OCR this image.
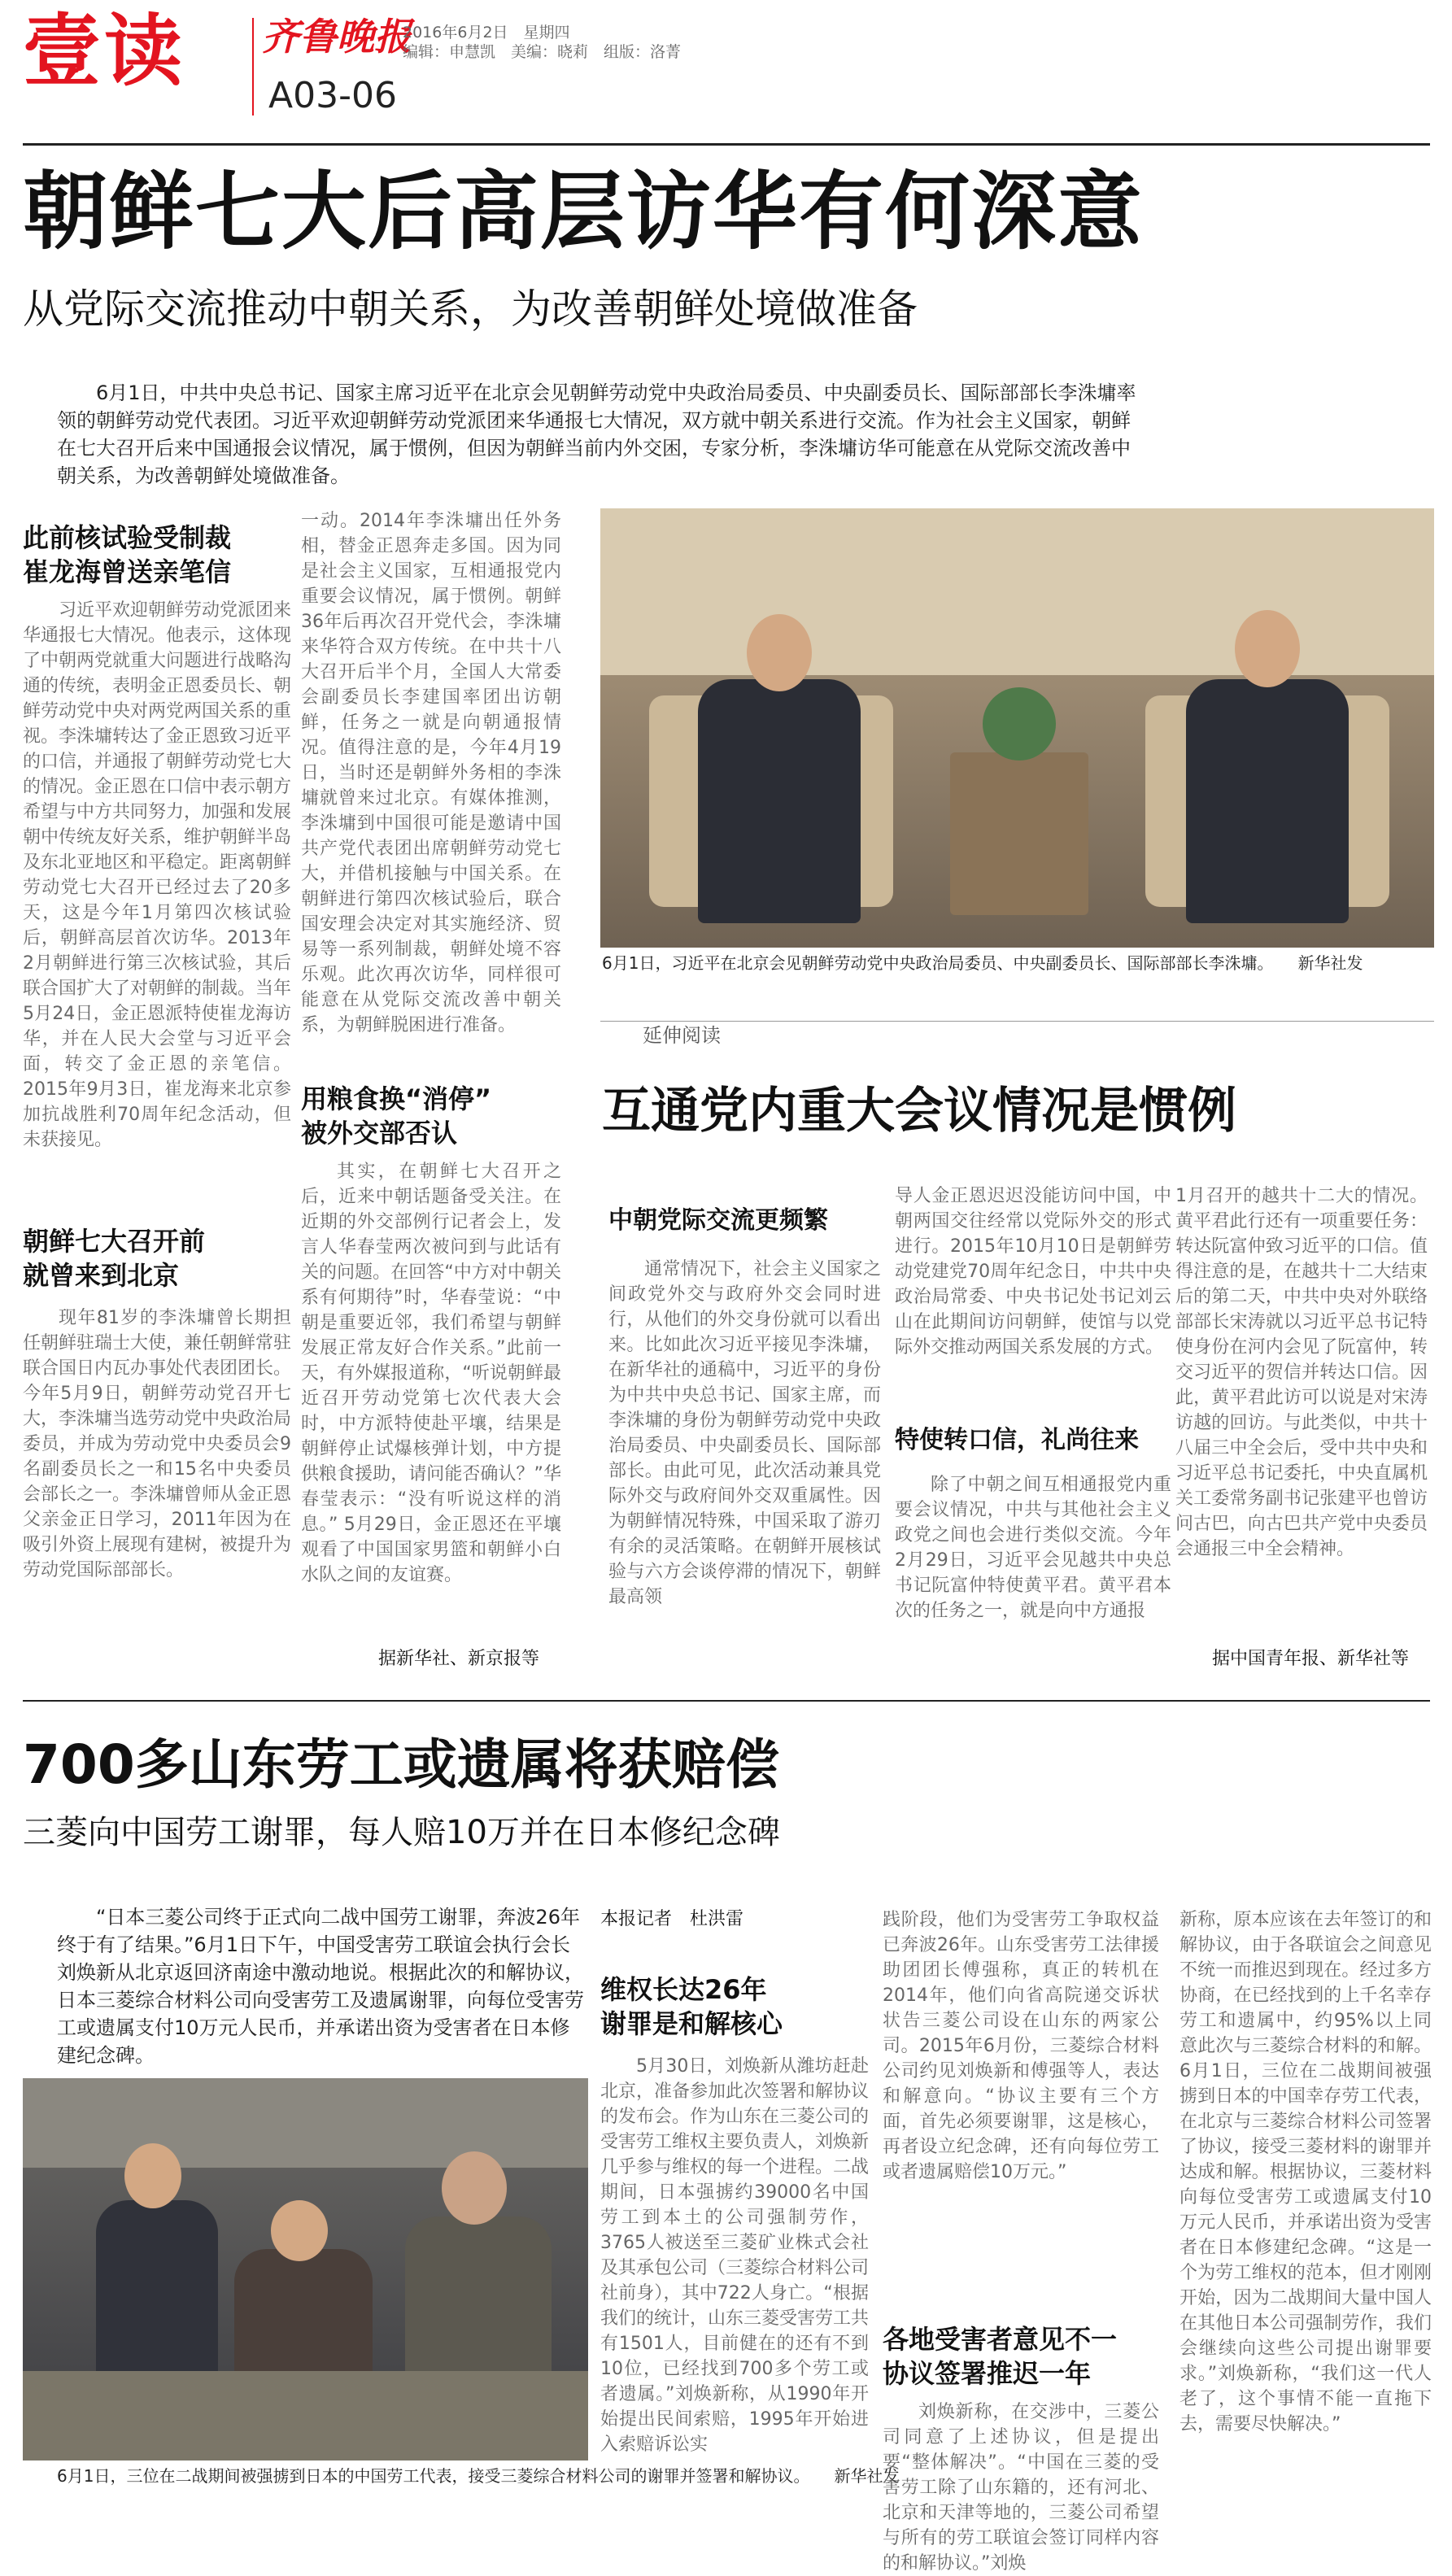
壹读 齐鲁晚报
A03-06
2016年6月2日　星期四
编辑：申慧凯　美编：晓莉　组版：洛菁
朝鲜七大后高层访华有何深意
从党际交流推动中朝关系，为改善朝鲜处境做准备
6月1日，中共中央总书记、国家主席习近平在北京会见朝鲜劳动党中央政治局委员、中央副委员长、国际部部长李洙墉率领的朝鲜劳动党代表团。习近平欢迎朝鲜劳动党派团来华通报七大情况，双方就中朝关系进行交流。作为社会主义国家，朝鲜在七大召开后来中国通报会议情况，属于惯例，但因为朝鲜当前内外交困，专家分析，李洙墉访华可能意在从党际交流改善中朝关系，为改善朝鲜处境做准备。
此前核试验受制裁
崔龙海曾送亲笔信
习近平欢迎朝鲜劳动党派团来华通报七大情况。他表示，这体现了中朝两党就重大问题进行战略沟通的传统，表明金正恩委员长、朝鲜劳动党中央对两党两国关系的重视。李洙墉转达了金正恩致习近平的口信，并通报了朝鲜劳动党七大的情况。金正恩在口信中表示朝方希望与中方共同努力，加强和发展朝中传统友好关系，维护朝鲜半岛及东北亚地区和平稳定。距离朝鲜劳动党七大召开已经过去了20多天，这是今年1月第四次核试验后，朝鲜高层首次访华。2013年2月朝鲜进行第三次核试验，其后联合国扩大了对朝鲜的制裁。当年5月24日，金正恩派特使崔龙海访华，并在人民大会堂与习近平会面，转交了金正恩的亲笔信。2015年9月3日，崔龙海来北京参加抗战胜利70周年纪念活动，但未获接见。
朝鲜七大召开前
就曾来到北京
现年81岁的李洙墉曾长期担任朝鲜驻瑞士大使，兼任朝鲜常驻联合国日内瓦办事处代表团团长。今年5月9日，朝鲜劳动党召开七大，李洙墉当选劳动党中央政治局委员，并成为劳动党中央委员会9名副委员长之一和15名中央委员会部长之一。李洙墉曾师从金正恩父亲金正日学习，2011年因为在吸引外资上展现有建树，被提升为劳动党国际部部长。
一动。2014年李洙墉出任外务相，替金正恩奔走多国。因为同是社会主义国家，互相通报党内重要会议情况，属于惯例。朝鲜36年后再次召开党代会，李洙墉来华符合双方传统。在中共十八大召开后半个月，全国人大常委会副委员长李建国率团出访朝鲜，任务之一就是向朝通报情况。值得注意的是，今年4月19日，当时还是朝鲜外务相的李洙墉就曾来过北京。有媒体推测，李洙墉到中国很可能是邀请中国共产党代表团出席朝鲜劳动党七大，并借机接触与中国关系。在朝鲜进行第四次核试验后，联合国安理会决定对其实施经济、贸易等一系列制裁，朝鲜处境不容乐观。此次再次访华，同样很可能意在从党际交流改善中朝关系，为朝鲜脱困进行准备。
用粮食换“消停”
被外交部否认
其实，在朝鲜七大召开之后，近来中朝话题备受关注。在近期的外交部例行记者会上，发言人华春莹两次被问到与此话有关的问题。在回答“中方对中朝关系有何期待”时，华春莹说：“中朝是重要近邻，我们希望与朝鲜发展正常友好合作关系。”此前一天，有外媒报道称，“听说朝鲜最近召开劳动党第七次代表大会时，中方派特使赴平壤，结果是朝鲜停止试爆核弹计划，中方提供粮食援助，请问能否确认？”华春莹表示：“没有听说这样的消息。” 5月29日，金正恩还在平壤观看了中国国家男篮和朝鲜小白水队之间的友谊赛。
据新华社、新京报等
6月1日，习近平在北京会见朝鲜劳动党中央政治局委员、中央副委员长、国际部部长李洙墉。　　新华社发
延伸阅读
互通党内重大会议情况是惯例
中朝党际交流更频繁
通常情况下，社会主义国家之间政党外交与政府外交会同时进行，从他们的外交身份就可以看出来。比如此次习近平接见李洙墉，在新华社的通稿中，习近平的身份为中共中央总书记、国家主席，而李洙墉的身份为朝鲜劳动党中央政治局委员、中央副委员长、国际部部长。由此可见，此次活动兼具党际外交与政府间外交双重属性。因为朝鲜情况特殊，中国采取了游刃有余的灵活策略。在朝鲜开展核试验与六方会谈停滞的情况下，朝鲜最高领
导人金正恩迟迟没能访问中国，中朝两国交往经常以党际外交的形式进行。2015年10月10日是朝鲜劳动党建党70周年纪念日，中共中央政治局常委、中央书记处书记刘云山在此期间访问朝鲜，使馆与以党际外交推动两国关系发展的方式。
特使转口信，礼尚往来
除了中朝之间互相通报党内重要会议情况，中共与其他社会主义政党之间也会进行类似交流。今年2月29日，习近平会见越共中央总书记阮富仲特使黄平君。黄平君本次的任务之一，就是向中方通报
1月召开的越共十二大的情况。黄平君此行还有一项重要任务：转达阮富仲致习近平的口信。值得注意的是，在越共十二大结束后的第二天，中共中央对外联络部部长宋涛就以习近平总书记特使身份在河内会见了阮富仲，转交习近平的贺信并转达口信。因此，黄平君此访可以说是对宋涛访越的回访。与此类似，中共十八届三中全会后，受中共中央和习近平总书记委托，中央直属机关工委常务副书记张建平也曾访问古巴，向古巴共产党中央委员会通报三中全会精神。
据中国青年报、新华社等
700多山东劳工或遗属将获赔偿
三菱向中国劳工谢罪，每人赔10万并在日本修纪念碑
“日本三菱公司终于正式向二战中国劳工谢罪，奔波26年终于有了结果。”6月1日下午，中国受害劳工联谊会执行会长刘焕新从北京返回济南途中激动地说。根据此次的和解协议，日本三菱综合材料公司向受害劳工及遗属谢罪，向每位受害劳工或遗属支付10万元人民币，并承诺出资为受害者在日本修建纪念碑。
6月1日，三位在二战期间被强掳到日本的中国劳工代表，接受三菱综合材料公司的谢罪并签署和解协议。　　新华社发
本报记者　杜洪雷
维权长达26年
谢罪是和解核心
5月30日，刘焕新从潍坊赶赴北京，准备参加此次签署和解协议的发布会。作为山东在三菱公司的受害劳工维权主要负责人，刘焕新几乎参与维权的每一个进程。二战期间，日本强掳约39000名中国劳工到本土的公司强制劳作，3765人被送至三菱矿业株式会社及其承包公司（三菱综合材料公司社前身），其中722人身亡。“根据我们的统计，山东三菱受害劳工共有1501人，目前健在的还有不到10位，已经找到700多个劳工或者遗属。”刘焕新称，从1990年开始提出民间索赔，1995年开始进入索赔诉讼实
践阶段，他们为受害劳工争取权益已奔波26年。山东受害劳工法律援助团团长傅强称，真正的转机在2014年，他们向省高院递交诉状状告三菱公司设在山东的两家公司。2015年6月份，三菱综合材料公司约见刘焕新和傅强等人，表达和解意向。“协议主要有三个方面，首先必须要谢罪，这是核心，再者设立纪念碑，还有向每位劳工或者遗属赔偿10万元。”
各地受害者意见不一
协议签署推迟一年
刘焕新称，在交涉中，三菱公司同意了上述协议，但是提出要“整体解决”。“中国在三菱的受害劳工除了山东籍的，还有河北、北京和天津等地的，三菱公司希望与所有的劳工联谊会签订同样内容的和解协议。”刘焕
新称，原本应该在去年签订的和解协议，由于各联谊会之间意见不统一而推迟到现在。经过多方协商，在已经找到的上千名幸存劳工和遗属中，约95%以上同意此次与三菱综合材料的和解。6月1日，三位在二战期间被强掳到日本的中国幸存劳工代表，在北京与三菱综合材料公司签署了协议，接受三菱材料的谢罪并达成和解。根据协议，三菱材料向每位受害劳工或遗属支付10万元人民币，并承诺出资为受害者在日本修建纪念碑。“这是一个为劳工维权的范本，但才刚刚开始，因为二战期间大量中国人在其他日本公司强制劳作，我们会继续向这些公司提出谢罪要求。”刘焕新称，“我们这一代人老了，这个事情不能一直拖下去，需要尽快解决。”
